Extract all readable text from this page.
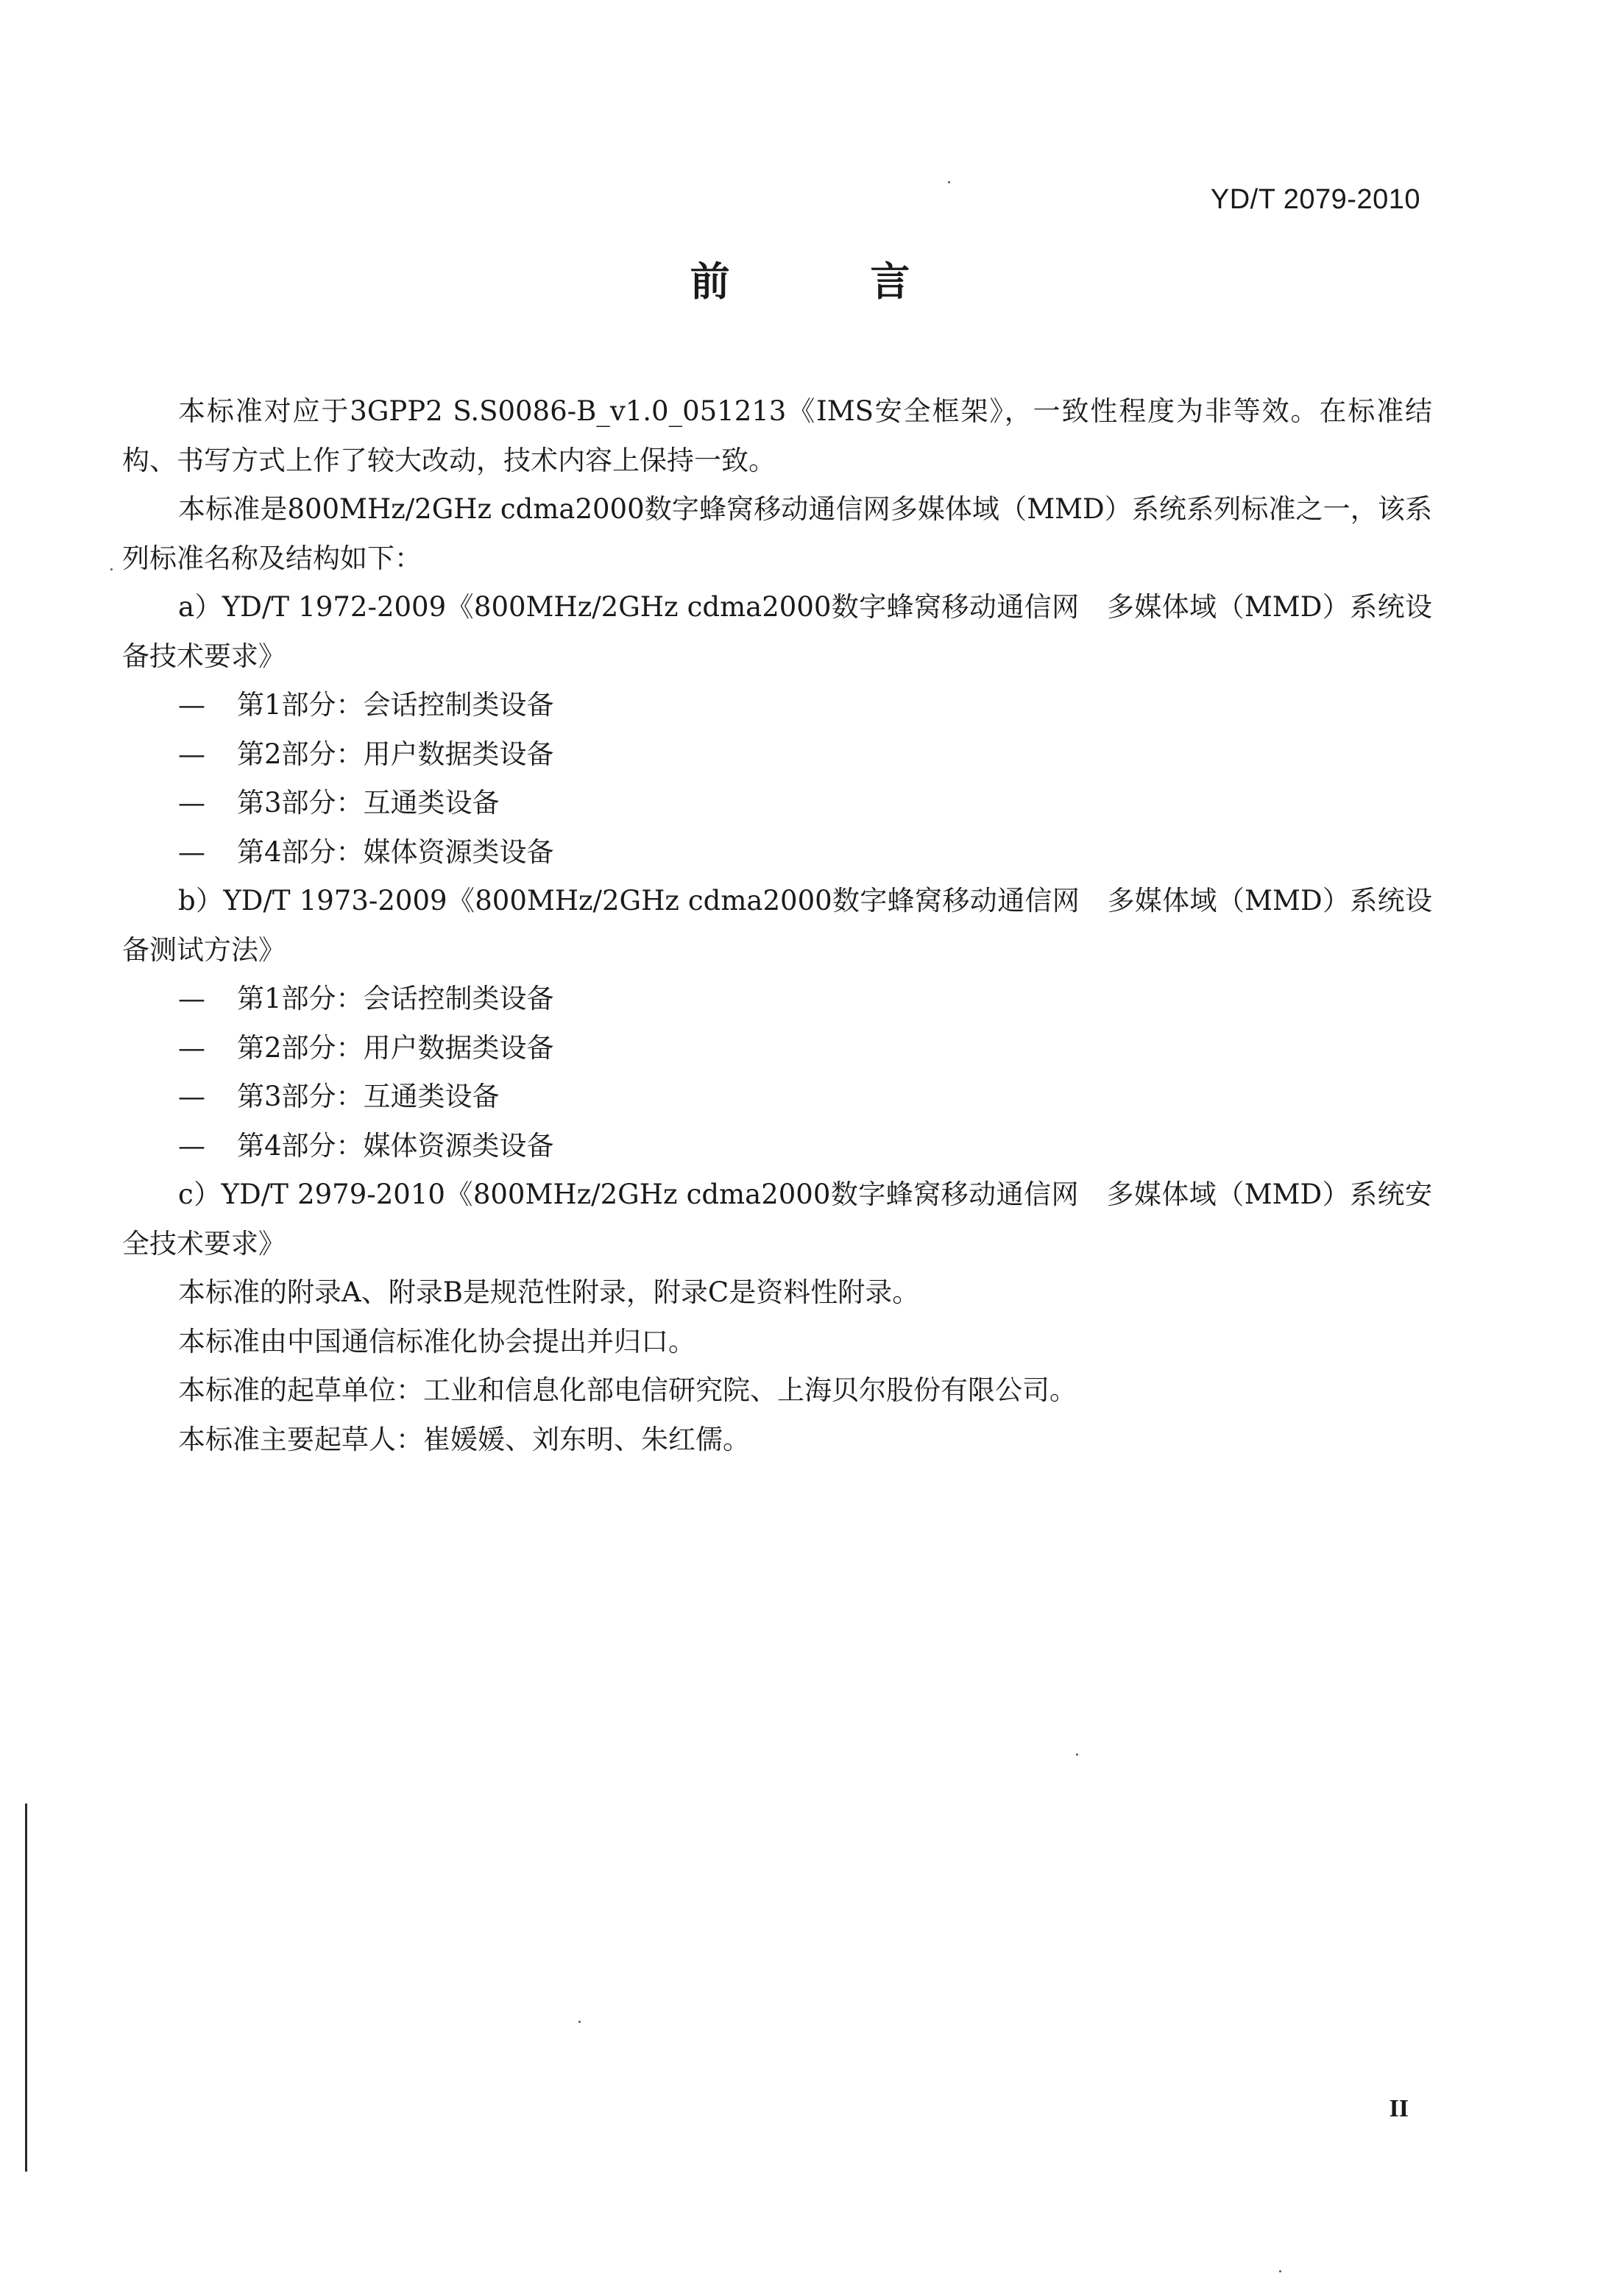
YD/T 2079-2010
前 言

本标准对应于3GPP2 S.S0086-B_v1.0_051213《IMS安全框架》，一致性程度为非等效。在标准结构、书写方式上作了较大改动，技术内容上保持一致。

本标准是800MHz/2GHz cdma2000数字蜂窝移动通信网多媒体域（MMD）系统系列标准之一，该系列标准名称及结构如下：

a）YD/T 1972-2009《800MHz/2GHz cdma2000数字蜂窝移动通信网　多媒体域（MMD）系统设备技术要求》

— 第1部分：会话控制类设备

— 第2部分：用户数据类设备

— 第3部分：互通类设备

— 第4部分：媒体资源类设备

b）YD/T 1973-2009《800MHz/2GHz cdma2000数字蜂窝移动通信网　多媒体域（MMD）系统设备测试方法》

— 第1部分：会话控制类设备

— 第2部分：用户数据类设备

— 第3部分：互通类设备

— 第4部分：媒体资源类设备

c）YD/T 2979-2010《800MHz/2GHz cdma2000数字蜂窝移动通信网　多媒体域（MMD）系统安全技术要求》

本标准的附录A、附录B是规范性附录，附录C是资料性附录。

本标准由中国通信标准化协会提出并归口。

本标准的起草单位：工业和信息化部电信研究院、上海贝尔股份有限公司。

本标准主要起草人：崔媛媛、刘东明、朱红儒。

II
